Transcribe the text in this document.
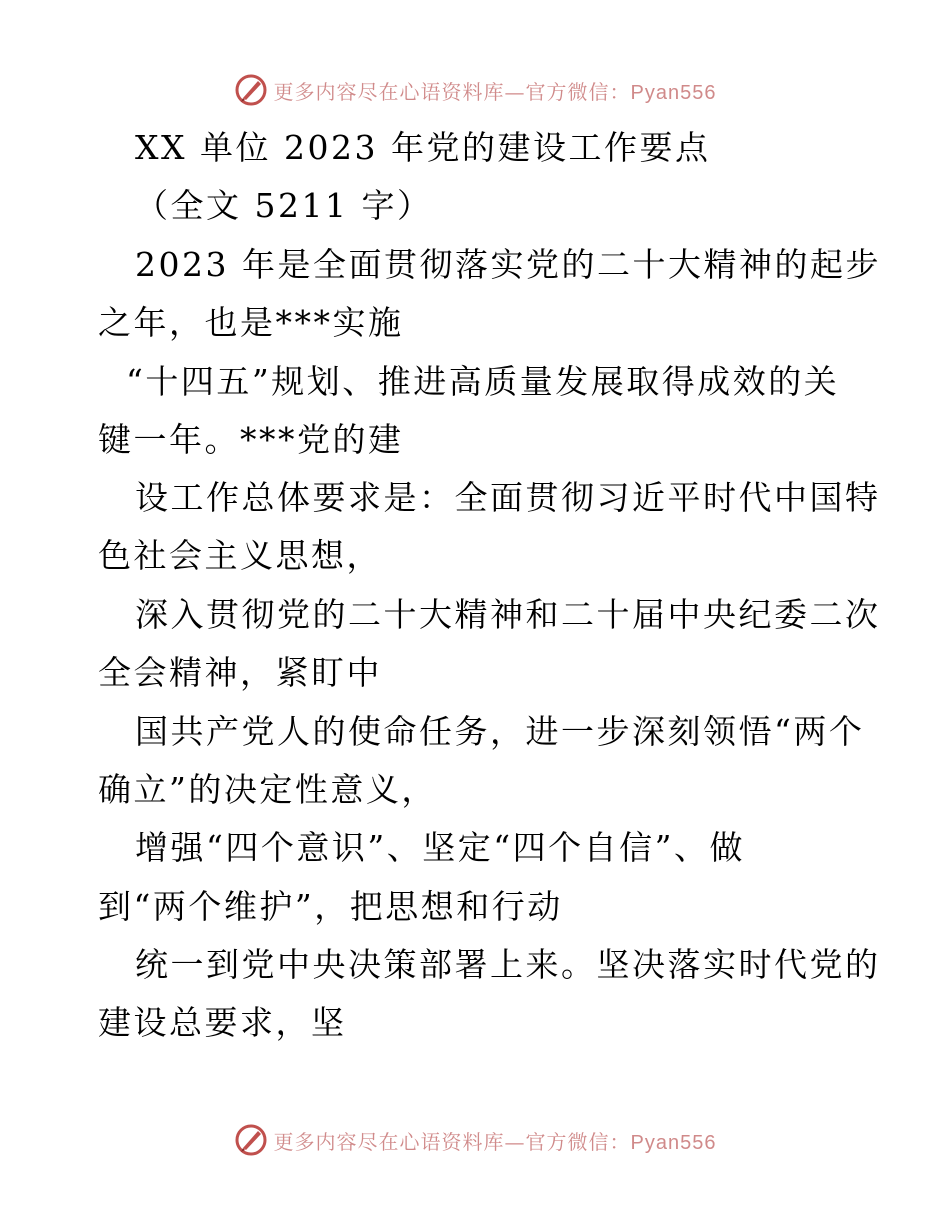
更多内容尽在心语资料库—官方微信：Pyan556
XX 单位 2023 年党的建设工作要点
（全文 5211 字）
2023 年是全面贯彻落实党的二十大精神的起步
之年，也是***实施
“十四五”规划、推进高质量发展取得成效的关
键一年。***党的建
设工作总体要求是：全面贯彻习近平时代中国特
色社会主义思想，
深入贯彻党的二十大精神和二十届中央纪委二次
全会精神，紧盯中
国共产党人的使命任务，进一步深刻领悟“两个
确立”的决定性意义，
增强“四个意识”、坚定“四个自信”、做
到“两个维护”，把思想和行动
统一到党中央决策部署上来。坚决落实时代党的
建设总要求，坚
更多内容尽在心语资料库—官方微信：Pyan556
